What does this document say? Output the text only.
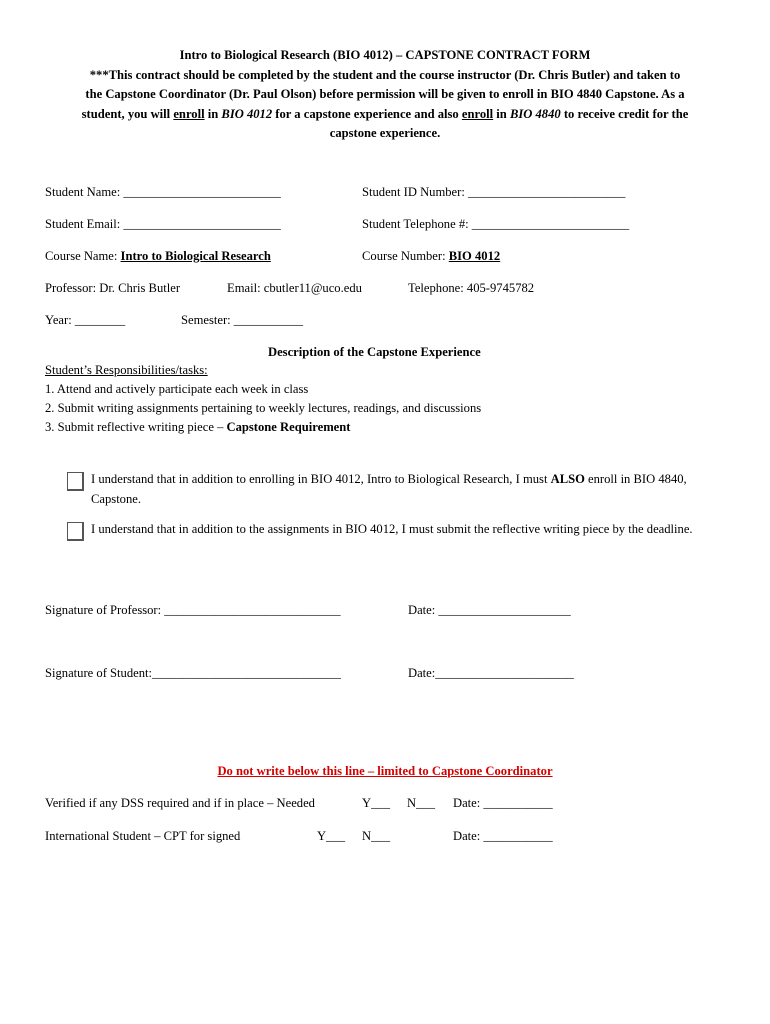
Intro to Biological Research (BIO 4012) – CAPSTONE CONTRACT FORM
***This contract should be completed by the student and the course instructor (Dr. Chris Butler) and taken to
the Capstone Coordinator (Dr. Paul Olson) before permission will be given to enroll in BIO 4840 Capstone. As a
student, you will enroll in BIO 4012 for a capstone experience and also enroll in BIO 4840 to receive credit for the
capstone experience.
Student Name: _________________________	Student ID Number: _________________________
Student Email: _________________________	Student Telephone #: _________________________
Course Name: Intro to Biological Research	Course Number: BIO 4012
Professor: Dr. Chris Butler	Email: cbutler11@uco.edu	Telephone: 405-9745782
Year: ________	Semester: ___________
Description of the Capstone Experience
Student’s Responsibilities/tasks:
1. Attend and actively participate each week in class
2. Submit writing assignments pertaining to weekly lectures, readings, and discussions
3. Submit reflective writing piece – Capstone Requirement
I understand that in addition to enrolling in BIO 4012, Intro to Biological Research, I must ALSO enroll in BIO 4840, Capstone.
I understand that in addition to the assignments in BIO 4012, I must submit the reflective writing piece by the deadline.
Signature of Professor: ____________________________	Date: _____________________
Signature of Student:______________________________	Date:______________________
Do not write below this line – limited to Capstone Coordinator
Verified if any DSS required and if in place – Needed	Y___ N___ Date: ___________
International Student – CPT for signed	Y___ N___	Date: ___________
